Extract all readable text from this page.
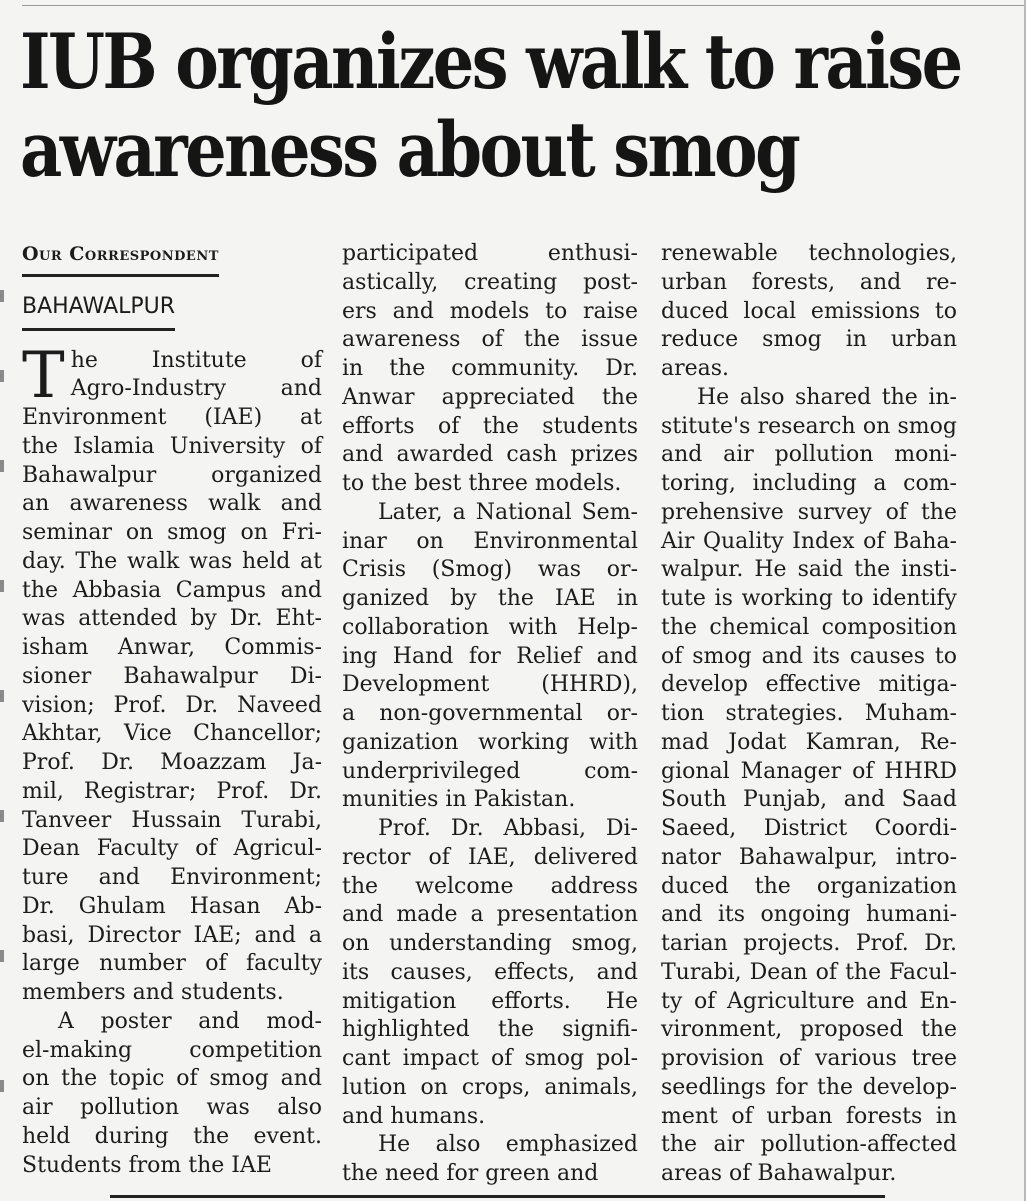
IUB organizes walk to raise
awareness about smog
Our Correspondent
BAHAWALPUR
T he Institute of
Agro-Industry and
Environment (IAE) at
the Islamia University of
Bahawalpur organized
an awareness walk and
seminar on smog on Fri-
day. The walk was held at
the Abbasia Campus and
was attended by Dr. Eht-
isham Anwar, Commis-
sioner Bahawalpur Di-
vision; Prof. Dr. Naveed
Akhtar, Vice Chancellor;
Prof. Dr. Moazzam Ja-
mil, Registrar; Prof. Dr.
Tanveer Hussain Turabi,
Dean Faculty of Agricul-
ture and Environment;
Dr. Ghulam Hasan Ab-
basi, Director IAE; and a
large number of faculty
members and students.
A poster and mod-
el-making competition
on the topic of smog and
air pollution was also
held during the event.
Students from the IAE
participated enthusi-
astically, creating post-
ers and models to raise
awareness of the issue
in the community. Dr.
Anwar appreciated the
efforts of the students
and awarded cash prizes
to the best three models.
Later, a National Sem-
inar on Environmental
Crisis (Smog) was or-
ganized by the IAE in
collaboration with Help-
ing Hand for Relief and
Development (HHRD),
a non-governmental or-
ganization working with
underprivileged com-
munities in Pakistan.
Prof. Dr. Abbasi, Di-
rector of IAE, delivered
the welcome address
and made a presentation
on understanding smog,
its causes, effects, and
mitigation efforts. He
highlighted the signifi-
cant impact of smog pol-
lution on crops, animals,
and humans.
He also emphasized
the need for green and
renewable technologies,
urban forests, and re-
duced local emissions to
reduce smog in urban
areas.
He also shared the in-
stitute's research on smog
and air pollution moni-
toring, including a com-
prehensive survey of the
Air Quality Index of Baha-
walpur. He said the insti-
tute is working to identify
the chemical composition
of smog and its causes to
develop effective mitiga-
tion strategies. Muham-
mad Jodat Kamran, Re-
gional Manager of HHRD
South Punjab, and Saad
Saeed, District Coordi-
nator Bahawalpur, intro-
duced the organization
and its ongoing humani-
tarian projects. Prof. Dr.
Turabi, Dean of the Facul-
ty of Agriculture and En-
vironment, proposed the
provision of various tree
seedlings for the develop-
ment of urban forests in
the air pollution-affected
areas of Bahawalpur.
